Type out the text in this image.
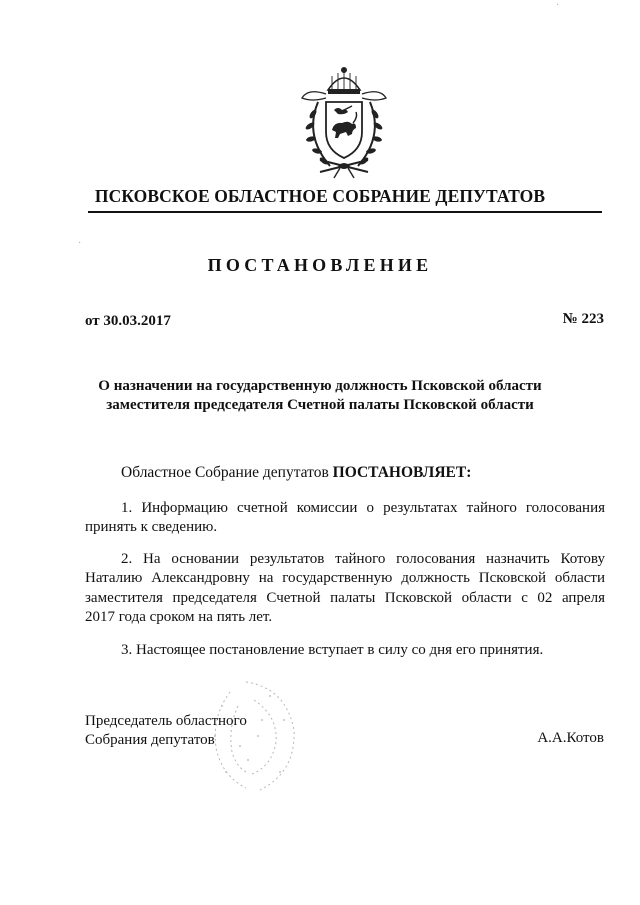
ПСКОВСКОЕ ОБЛАСТНОЕ СОБРАНИЕ ДЕПУТАТОВ
ПОСТАНОВЛЕНИЕ
от 30.03.2017	№ 223
О назначении на государственную должность Псковской области
заместителя председателя Счетной палаты Псковской области
Областное Собрание депутатов ПОСТАНОВЛЯЕТ:
1. Информацию счетной комиссии о результатах тайного голосования
принять к сведению.
2. На основании результатов тайного голосования назначить Котову
Наталию Александровну на государственную должность Псковской области
заместителя председателя Счетной палаты Псковской области с 02 апреля
2017 года сроком на пять лет.
3. Настоящее постановление вступает в силу со дня его принятия.
Председатель областного
Собрания депутатов	А.А.Котов
·
·
